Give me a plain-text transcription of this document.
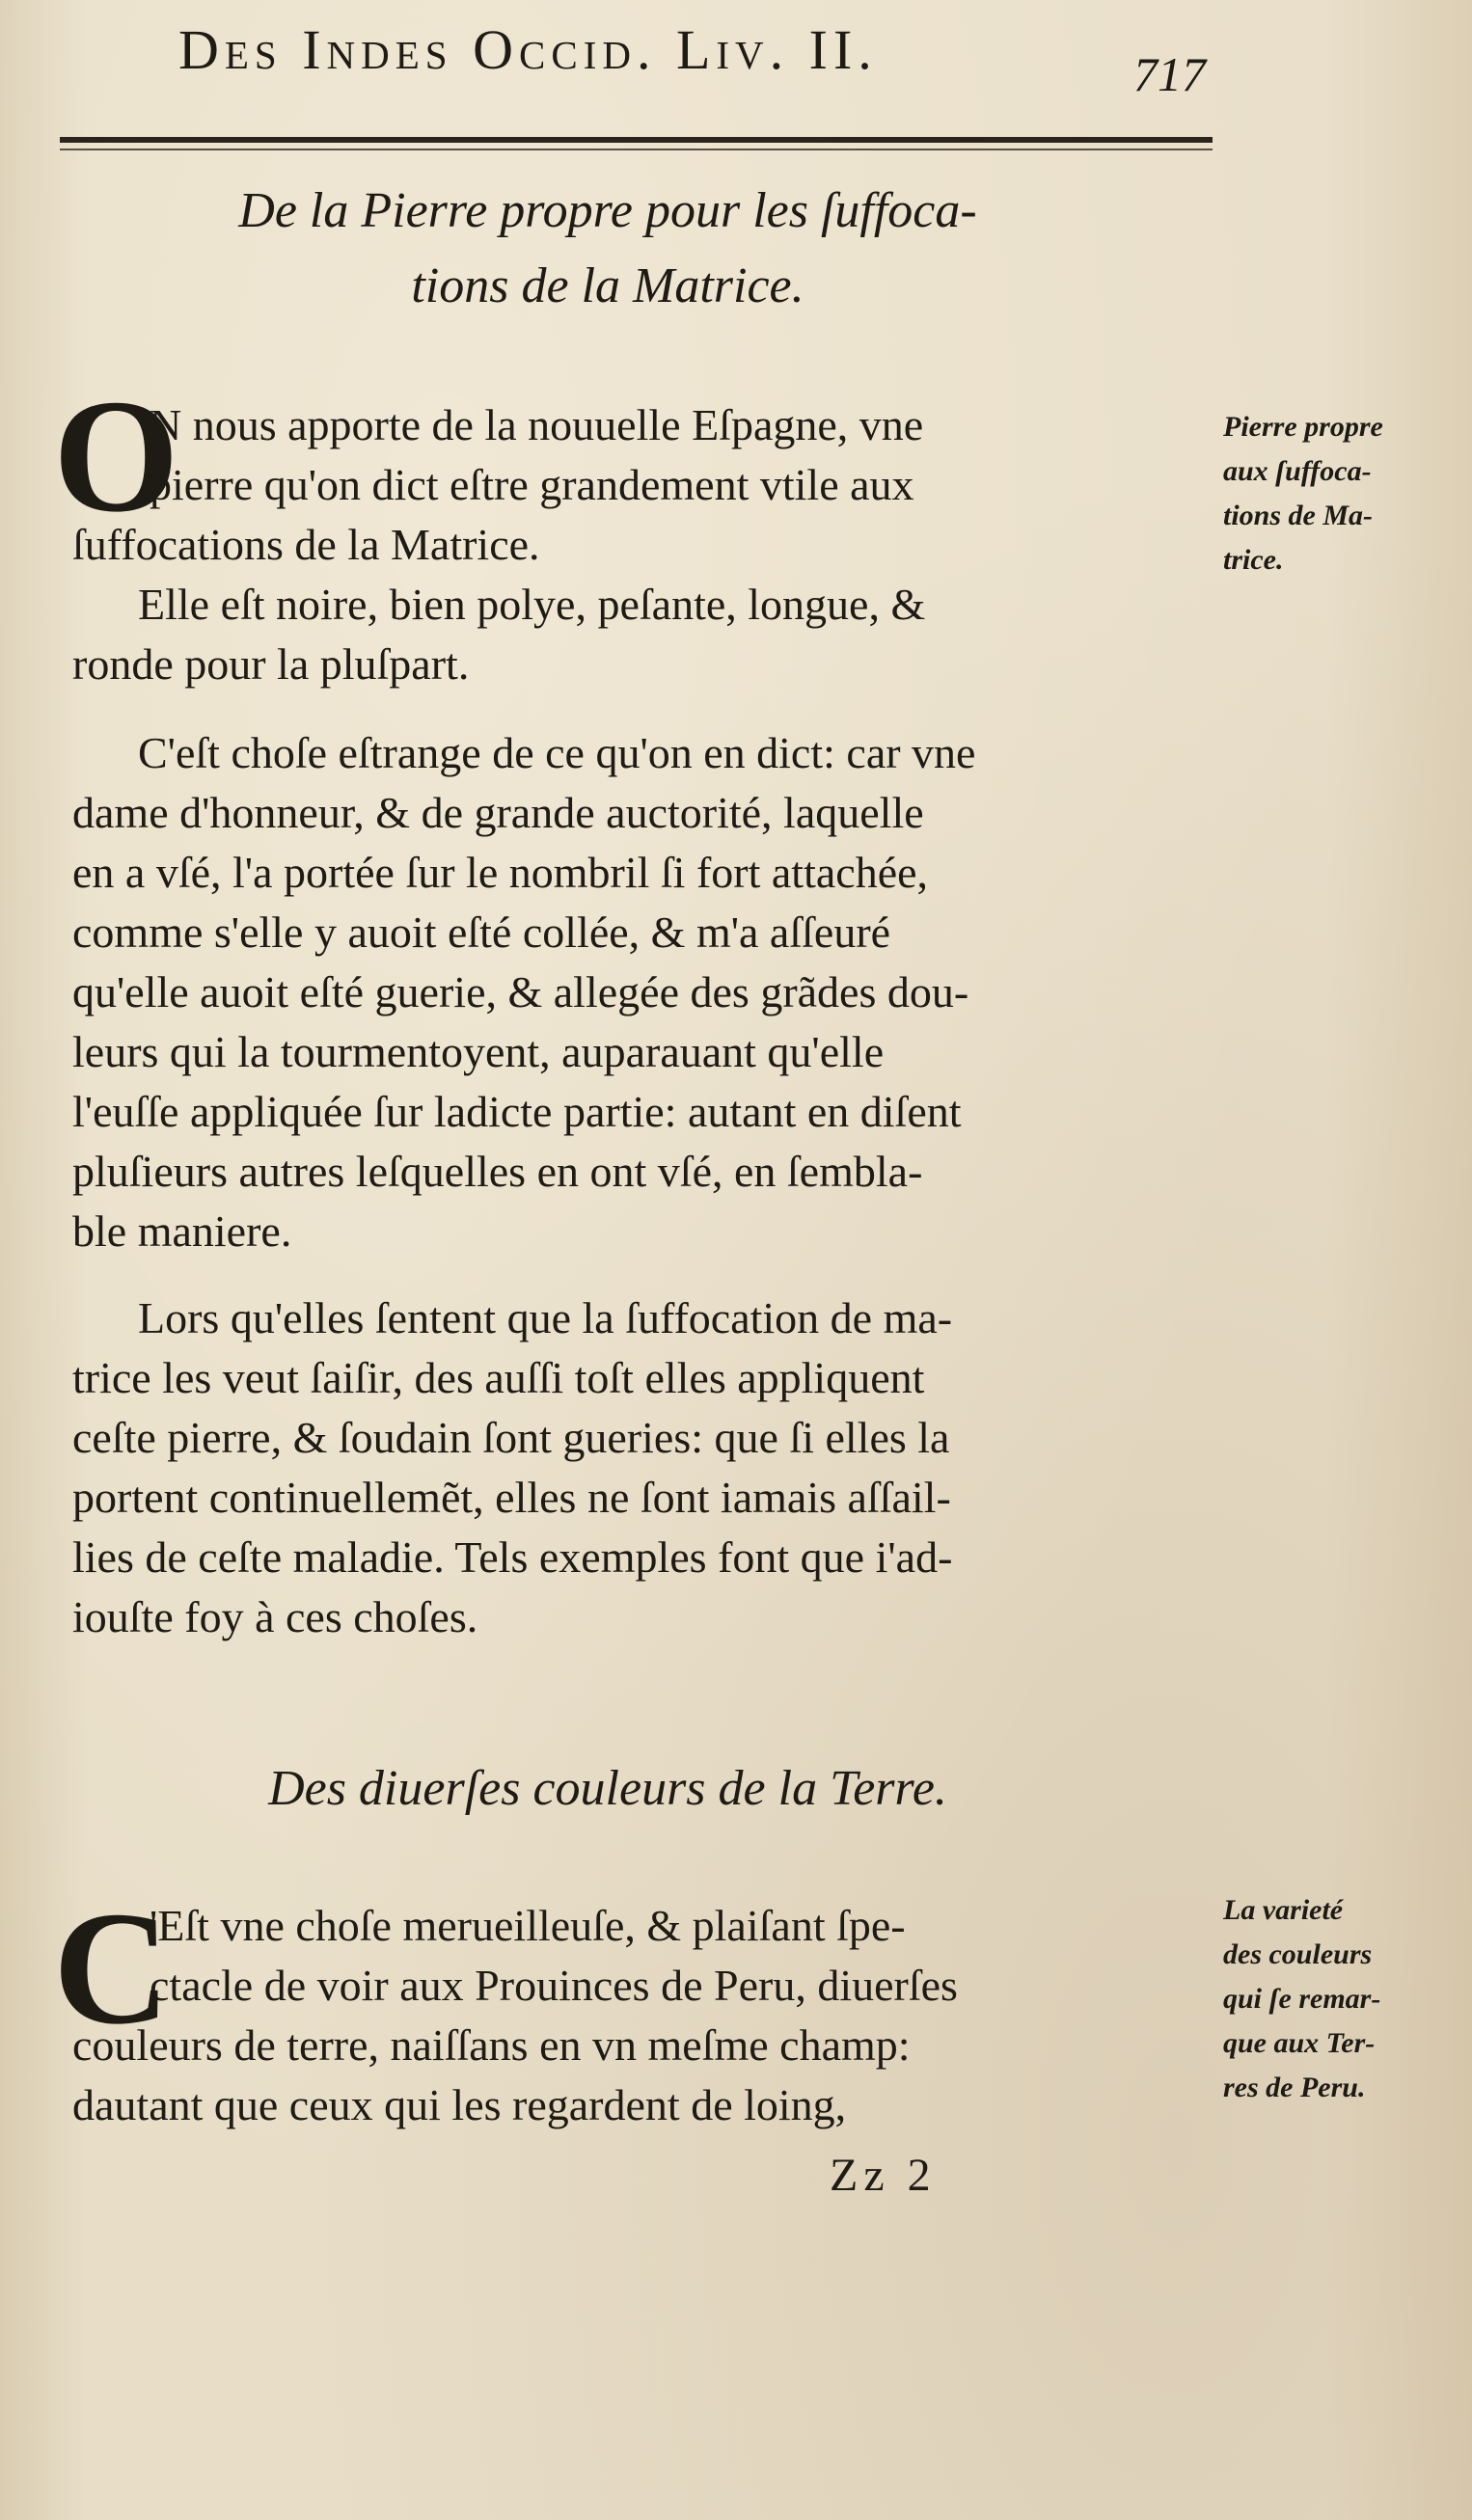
Des Indes Occid. Liv. II.	717
De la Pierre propre pour les ſuffoca-
tions de la Matrice.
O
N nous apporte de la nouuelle Eſpagne, vne
pierre qu'on dict eſtre grandement vtile aux
ſuffocations de la Matrice.
Pierre propre
aux ſuffoca-
tions de Ma-
trice.
Elle eſt noire, bien polye, peſante, longue, &
ronde pour la pluſpart.
C'eſt choſe eſtrange de ce qu'on en dict: car vne
dame d'honneur, & de grande auctorité, laquelle
en a vſé, l'a portée ſur le nombril ſi fort attachée,
comme s'elle y auoit eſté collée, & m'a aſſeuré
qu'elle auoit eſté guerie, & allegée des grãdes dou-
leurs qui la tourmentoyent, auparauant qu'elle
l'euſſe appliquée ſur ladicte partie: autant en diſent
pluſieurs autres leſquelles en ont vſé, en ſembla-
ble maniere.
Lors qu'elles ſentent que la ſuffocation de ma-
trice les veut ſaiſir, des auſſi toſt elles appliquent
ceſte pierre, & ſoudain ſont gueries: que ſi elles la
portent continuellemẽt, elles ne ſont iamais aſſail-
lies de ceſte maladie. Tels exemples font que i'ad-
iouſte foy à ces choſes.
Des diuerſes couleurs de la Terre.
C
'Eſt vne choſe merueilleuſe, & plaiſant ſpe-
ctacle de voir aux Prouinces de Peru, diuerſes
couleurs de terre, naiſſans en vn meſme champ:
dautant que ceux qui les regardent de loing,
La varieté
des couleurs
qui ſe remar-
que aux Ter-
res de Peru.
Zz 2
